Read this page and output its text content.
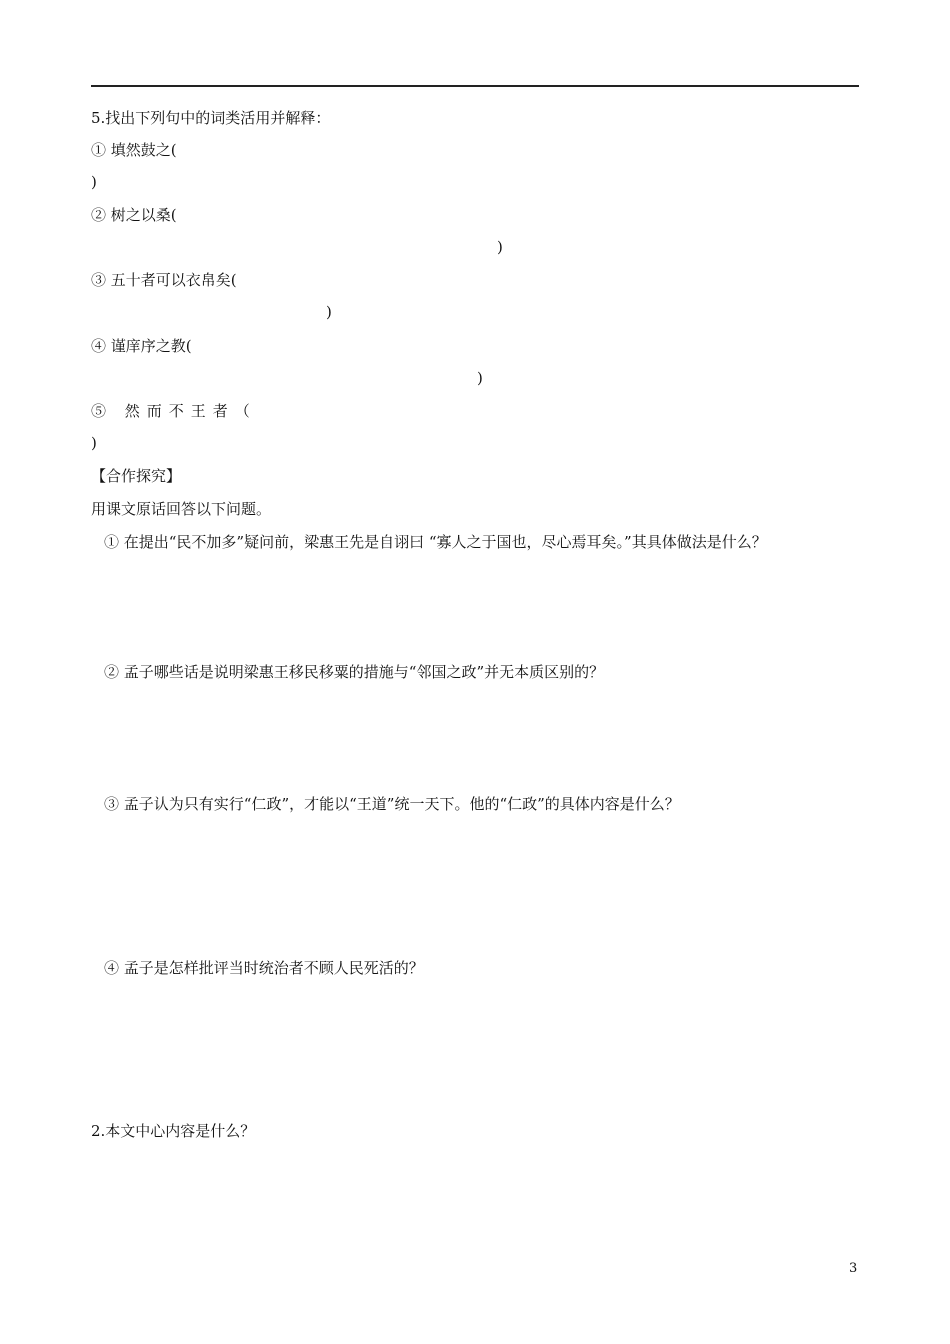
5.找出下列句中的词类活用并解释：
① 填然鼓之(
)
② 树之以桑(
)
③ 五十者可以衣帛矣(
)
④ 谨庠序之教(
)
⑤ 然而不王者（
)
【合作探究】
用课文原话回答以下问题。
① 在提出“民不加多”疑问前，梁惠王先是自诩曰 “寡人之于国也，尽心焉耳矣。”其具体做法是什么？
② 孟子哪些话是说明梁惠王移民移粟的措施与“邻国之政”并无本质区别的？
③ 孟子认为只有实行“仁政”，才能以“王道”统一天下。他的“仁政”的具体内容是什么？
④ 孟子是怎样批评当时统治者不顾人民死活的？
2.本文中心内容是什么？
3
